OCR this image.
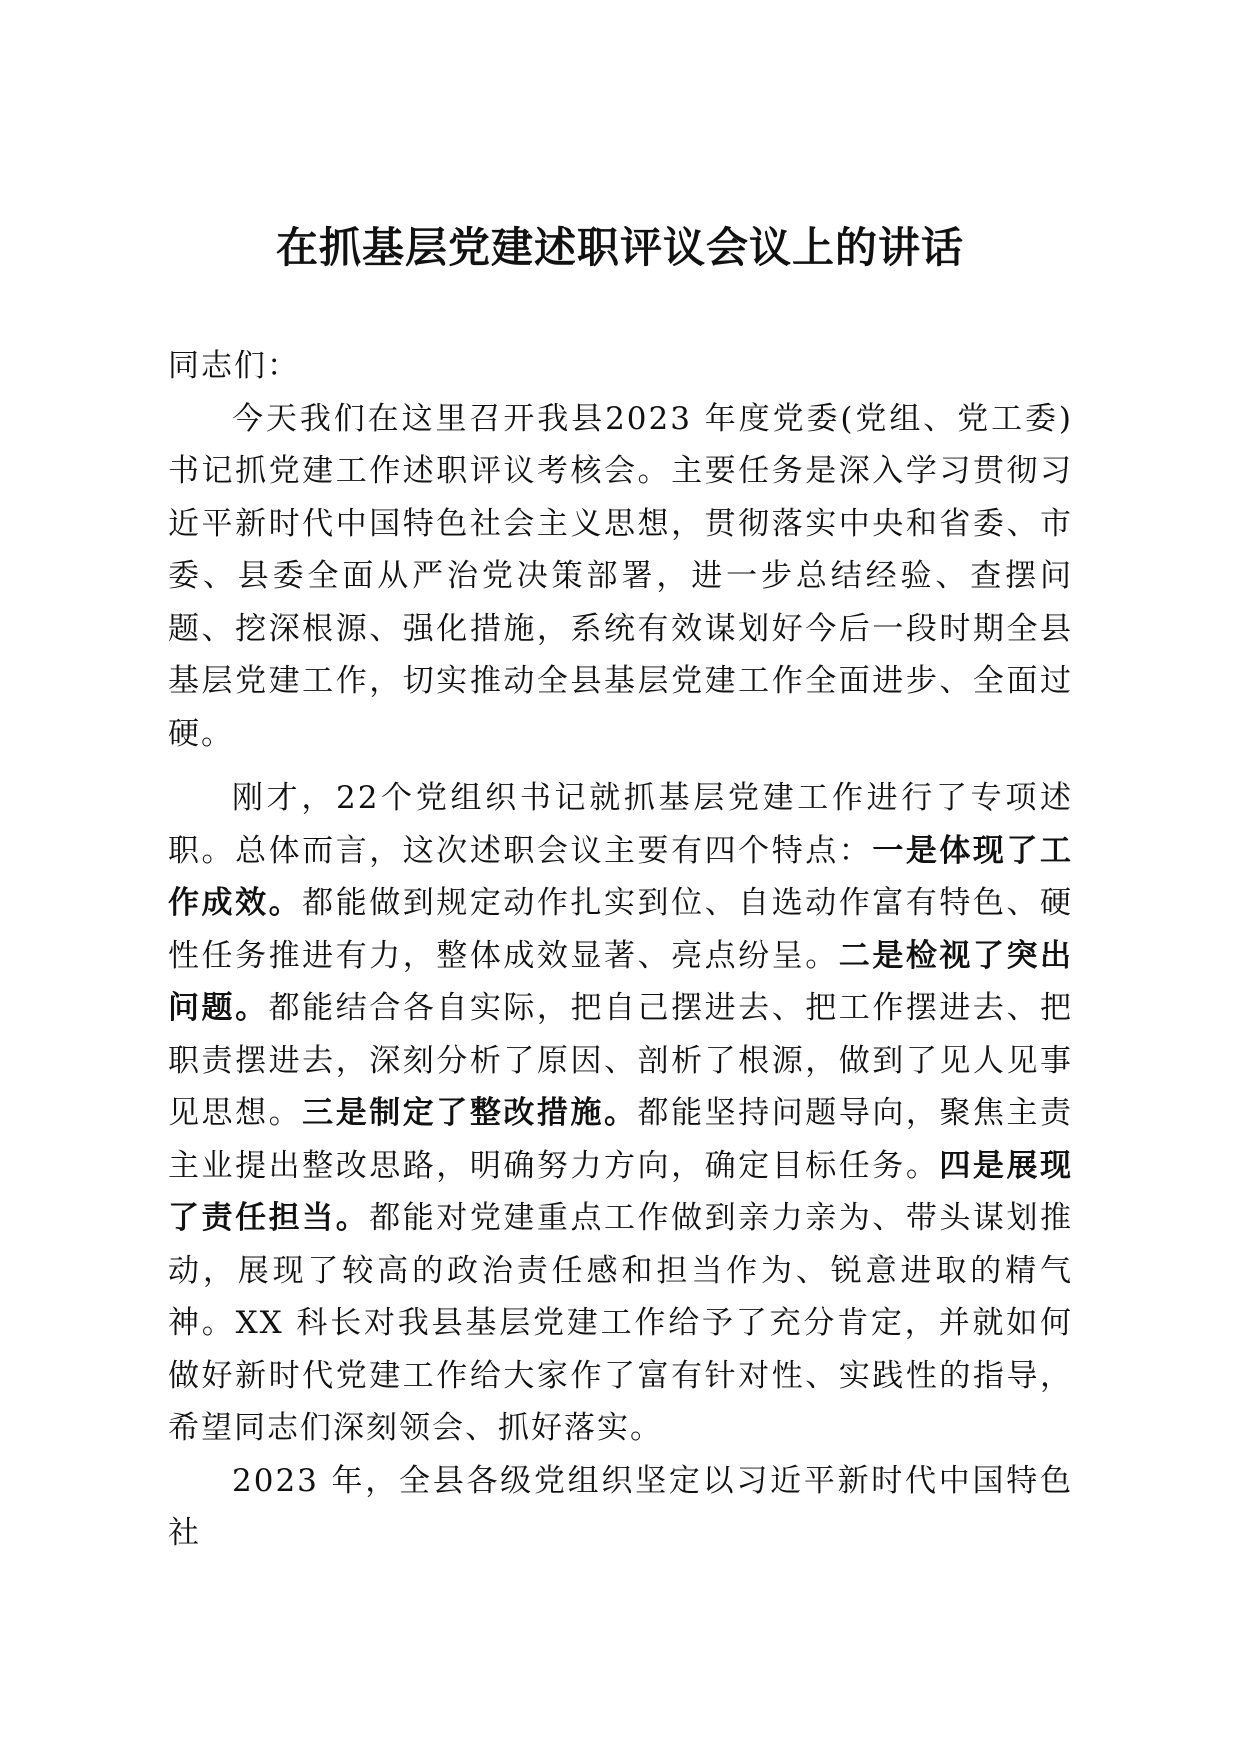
在抓基层党建述职评议会议上的讲话

同志们：

今天我们在这里召开我县2023 年度党委(党组、党工委)书记抓党建工作述职评议考核会。主要任务是深入学习贯彻习近平新时代中国特色社会主义思想，贯彻落实中央和省委、市委、县委全面从严治党决策部署，进一步总结经验、查摆问题、挖深根源、强化措施，系统有效谋划好今后一段时期全县基层党建工作，切实推动全县基层党建工作全面进步、全面过硬。

刚才，22个党组织书记就抓基层党建工作进行了专项述职。总体而言，这次述职会议主要有四个特点：一是体现了工作成效。都能做到规定动作扎实到位、自选动作富有特色、硬性任务推进有力，整体成效显著、亮点纷呈。二是检视了突出问题。都能结合各自实际，把自己摆进去、把工作摆进去、把职责摆进去，深刻分析了原因、剖析了根源，做到了见人见事见思想。三是制定了整改措施。都能坚持问题导向，聚焦主责主业提出整改思路，明确努力方向，确定目标任务。四是展现了责任担当。都能对党建重点工作做到亲力亲为、带头谋划推动，展现了较高的政治责任感和担当作为、锐意进取的精气神。XX 科长对我县基层党建工作给予了充分肯定，并就如何做好新时代党建工作给大家作了富有针对性、实践性的指导，希望同志们深刻领会、抓好落实。

2023 年，全县各级党组织坚定以习近平新时代中国特色社
